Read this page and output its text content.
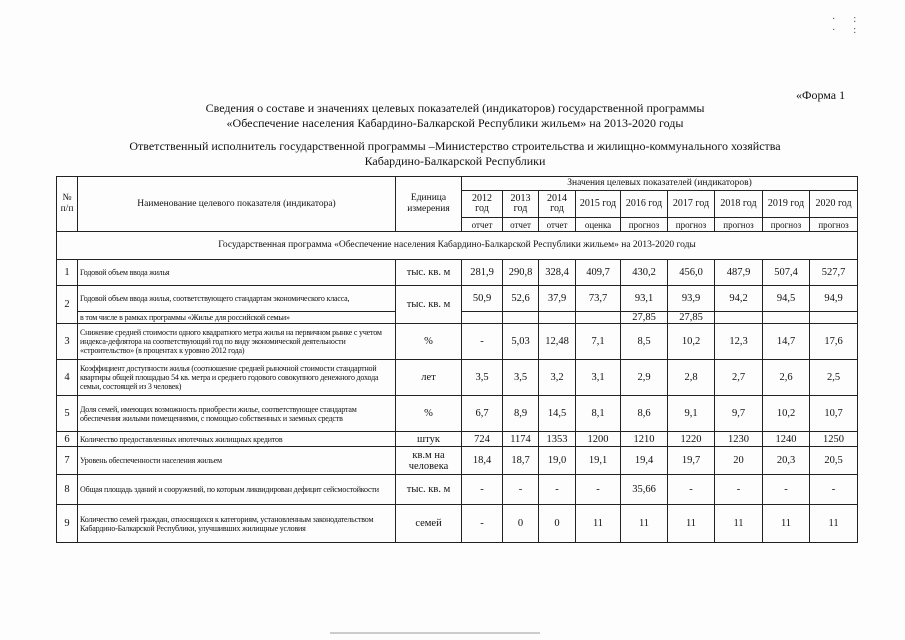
·: ·:
«Форма 1
Сведения о составе и значениях целевых показателей (индикаторов) государственной программы
«Обеспечение населения Кабардино-Балкарской Республики жильем» на 2013-2020 годы
Ответственный исполнитель государственной программы –Министерство строительства и жилищно-коммунального хозяйства
Кабардино-Балкарской Республики
№ п/п	Наименование целевого показателя (индикатора)	Единица измерения	Значения целевых показателей (индикаторов)								
			2012 год	2013 год	2014 год	2015 год	2016 год	2017 год	2018 год	2019 год	2020 год
			отчет	отчет	отчет	оценка	прогноз	прогноз	прогноз	прогноз	прогноз
Государственная программа «Обеспечение населения Кабардино-Балкарской Республики жильем» на 2013-2020 годы											
1	Годовой объем ввода жилья	тыс. кв. м	281,9	290,8	328,4	409,7	430,2	456,0	487,9	507,4	527,7
2	Годовой объем ввода жилья, соответствующего стандартам экономического класса,	тыс. кв. м	50,9	52,6	37,9	73,7	93,1	93,9	94,2	94,5	94,9
	в том числе в рамках программы «Жилье для российской семьи»						27,85	27,85			
3	Снижение средней стоимости одного квадратного метра жилья на первичном рынке с учетом индекса-дефлятора на соответствующий год по виду экономической деятельности «строительство» (в процентах к уровню 2012 года)	%	-	5,03	12,48	7,1	8,5	10,2	12,3	14,7	17,6
4	Коэффициент доступности жилья (соотношение средней рыночной стоимости стандартной квартиры общей площадью 54 кв. метра и среднего годового совокупного денежного дохода семьи, состоящей из 3 человек)	лет	3,5	3,5	3,2	3,1	2,9	2,8	2,7	2,6	2,5
5	Доля семей, имеющих возможность приобрести жилье, соответствующее стандартам обеспечения жилыми помещениями, с помощью собственных и заемных средств	%	6,7	8,9	14,5	8,1	8,6	9,1	9,7	10,2	10,7
6	Количество предоставленных ипотечных жилищных кредитов	штук	724	1174	1353	1200	1210	1220	1230	1240	1250
7	Уровень обеспеченности населения жильем	кв.м на человека	18,4	18,7	19,0	19,1	19,4	19,7	20	20,3	20,5
8	Общая площадь зданий и сооружений, по которым ликвидирован дефицит сейсмостойкости	тыс. кв. м	-	-	-	-	35,66	-	-	-	-
9	Количество семей граждан, относящихся к категориям, установленным законодательством Кабардино-Балкарской Республики, улучшивших жилищные условия	семей	-	0	0	11	11	11	11	11	11
